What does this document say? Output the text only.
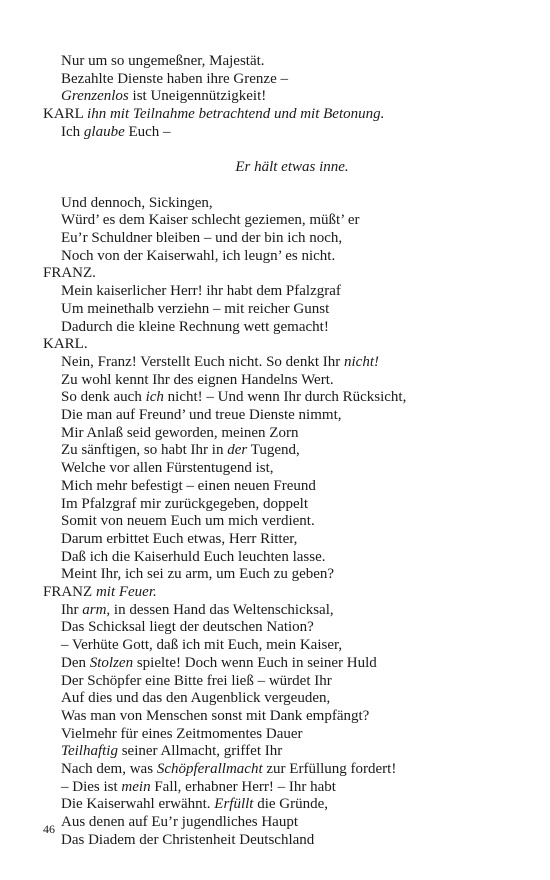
Nur um so ungemeßner, Majestät.
Bezahlte Dienste haben ihre Grenze –
Grenzenlos ist Uneigennützigkeit!
KARL ihn mit Teilnahme betrachtend und mit Betonung.
Ich glaube Euch –
Er hält etwas inne.
Und dennoch, Sickingen,
Würd’ es dem Kaiser schlecht geziemen, müßt’ er
Eu’r Schuldner bleiben – und der bin ich noch,
Noch von der Kaiserwahl, ich leugn’ es nicht.
FRANZ.
Mein kaiserlicher Herr! ihr habt dem Pfalzgraf
Um meinethalb verziehn – mit reicher Gunst
Dadurch die kleine Rechnung wett gemacht!
KARL.
Nein, Franz! Verstellt Euch nicht. So denkt Ihr nicht!
Zu wohl kennt Ihr des eignen Handelns Wert.
So denk auch ich nicht! – Und wenn Ihr durch Rücksicht,
Die man auf Freund’ und treue Dienste nimmt,
Mir Anlaß seid geworden, meinen Zorn
Zu sänftigen, so habt Ihr in der Tugend,
Welche vor allen Fürstentugend ist,
Mich mehr befestigt – einen neuen Freund
Im Pfalzgraf mir zurückgegeben, doppelt
Somit von neuem Euch um mich verdient.
Darum erbittet Euch etwas, Herr Ritter,
Daß ich die Kaiserhuld Euch leuchten lasse.
Meint Ihr, ich sei zu arm, um Euch zu geben?
FRANZ mit Feuer.
Ihr arm, in dessen Hand das Weltenschicksal,
Das Schicksal liegt der deutschen Nation?
– Verhüte Gott, daß ich mit Euch, mein Kaiser,
Den Stolzen spielte! Doch wenn Euch in seiner Huld
Der Schöpfer eine Bitte frei ließ – würdet Ihr
Auf dies und das den Augenblick vergeuden,
Was man von Menschen sonst mit Dank empfängt?
Vielmehr für eines Zeitmomentes Dauer
Teilhaftig seiner Allmacht, griffet Ihr
Nach dem, was Schöpferallmacht zur Erfüllung fordert!
– Dies ist mein Fall, erhabner Herr! – Ihr habt
Die Kaiserwahl erwähnt. Erfüllt die Gründe,
Aus denen auf Eu’r jugendliches Haupt
Das Diadem der Christenheit Deutschland
46
